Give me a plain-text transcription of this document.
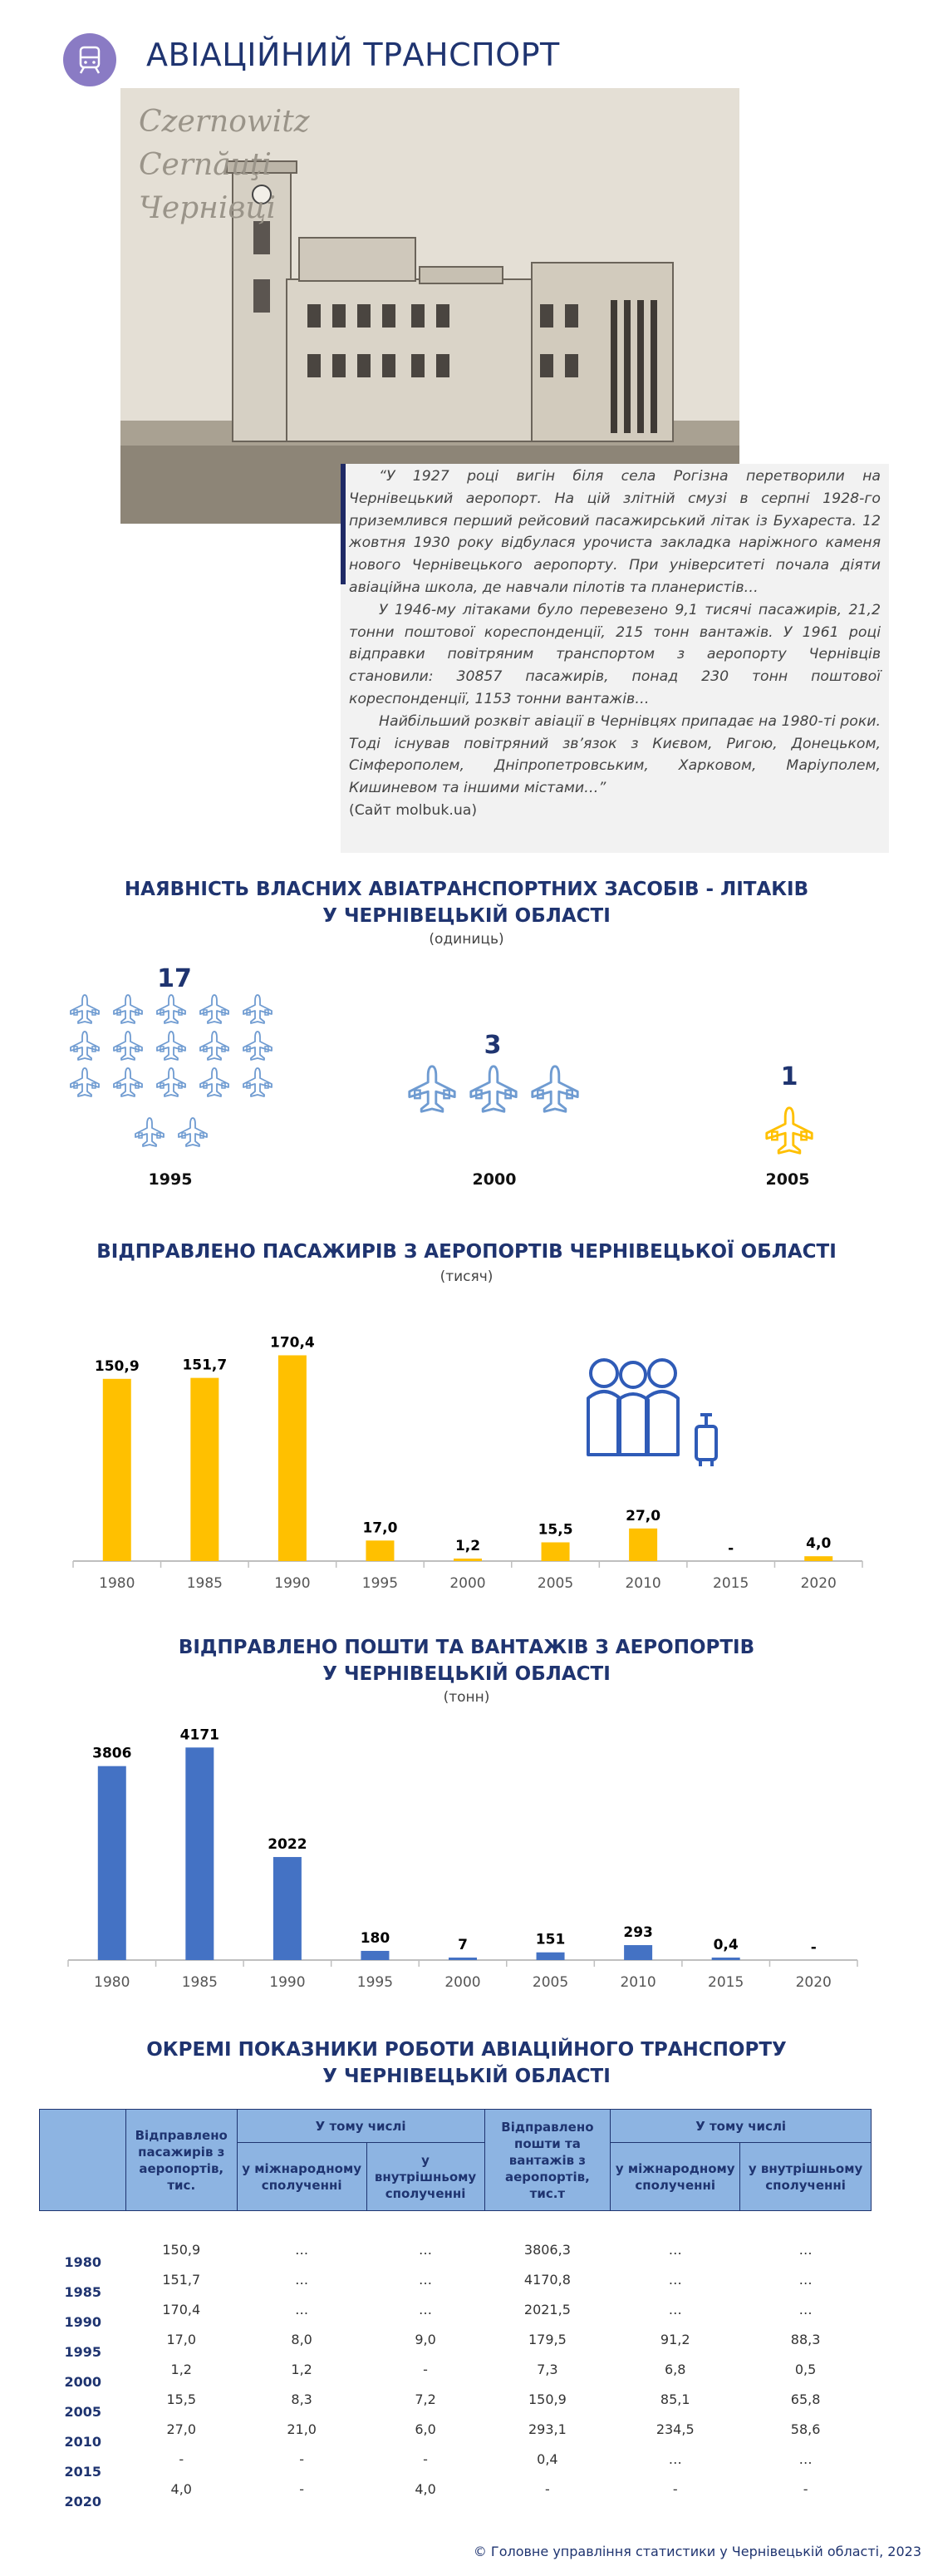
АВІАЦІЙНИЙ ТРАНСПОРТ
Czernowitz
Cernăuţi
Чернівці

“У 1927 році вигін біля села Рогізна перетворили на Чернівецький аеропорт. На цій злітній смузі в серпні 1928-го приземлився перший рейсовий пасажирський літак із Бухареста. 12 жовтня 1930 року відбулася урочиста закладка наріжного каменя нового Чернівецького аеропорту. При університеті почала діяти авіаційна школа, де навчали пілотів та планеристів…

У 1946-му літаками було перевезено 9,1 тисячі пасажирів, 21,2 тонни поштової кореспонденції, 215 тонн вантажів. У 1961 році відправки повітряним транспортом з аеропорту Чернівців становили: 30857 пасажирів, понад 230 тонн поштової кореспонденції, 1153 тонни вантажів…

Найбільший розквіт авіації в Чернівцях припадає на 1980-ті роки. Тоді існував повітряний зв’язок з Києвом, Ригою, Донецьком, Сімферополем, Дніпропетровським, Харковом, Маріуполем, Кишиневом та іншими містами…”

(Сайт molbuk.ua)
НАЯВНІСТЬ ВЛАСНИХ АВІАТРАНСПОРТНИХ ЗАСОБІВ - ЛІТАКІВ
У ЧЕРНІВЕЦЬКІЙ ОБЛАСТІ
(одиниць)
17
3
1
1995	2000	2005
ВІДПРАВЛЕНО ПАСАЖИРІВ З АЕРОПОРТІВ ЧЕРНІВЕЦЬКОЇ ОБЛАСТІ
(тисяч)
150,9
1980
151,7
1985
170,4
1990
17,0
1995
1,2
2000
15,5
2005
27,0
2010
-
2015
4,0
2020
ВІДПРАВЛЕНО ПОШТИ ТА ВАНТАЖІВ З АЕРОПОРТІВ
У ЧЕРНІВЕЦЬКІЙ ОБЛАСТІ
(тонн)
3806
1980
4171
1985
2022
1990
180
1995
7
2000
151
2005
293
2010
0,4
2015
-
2020
ОКРЕМІ ПОКАЗНИКИ РОБОТИ АВІАЦІЙНОГО ТРАНСПОРТУ
У ЧЕРНІВЕЦЬКІЙ ОБЛАСТІ
	Відправлено пасажирів з аеропортів, тис.	У тому числі		Відправлено пошти та вантажів з аеропортів, тис.т	У тому числі	
		у міжнародному сполученні	у внутрішньому сполученні		у міжнародному сполученні	у внутрішньому сполученні

1980	150,9	…	…	3806,3	…	…
1985	151,7	…	…	4170,8	…	…
1990	170,4	…	…	2021,5	…	…
1995	17,0	8,0	9,0	179,5	91,2	88,3
2000	1,2	1,2	-	7,3	6,8	0,5
2005	15,5	8,3	7,2	150,9	85,1	65,8
2010	27,0	21,0	6,0	293,1	234,5	58,6
2015	-	-	-	0,4	…	…
2020	4,0	-	4,0	-	-	-
© Головне управління статистики у Чернівецькій області, 2023
